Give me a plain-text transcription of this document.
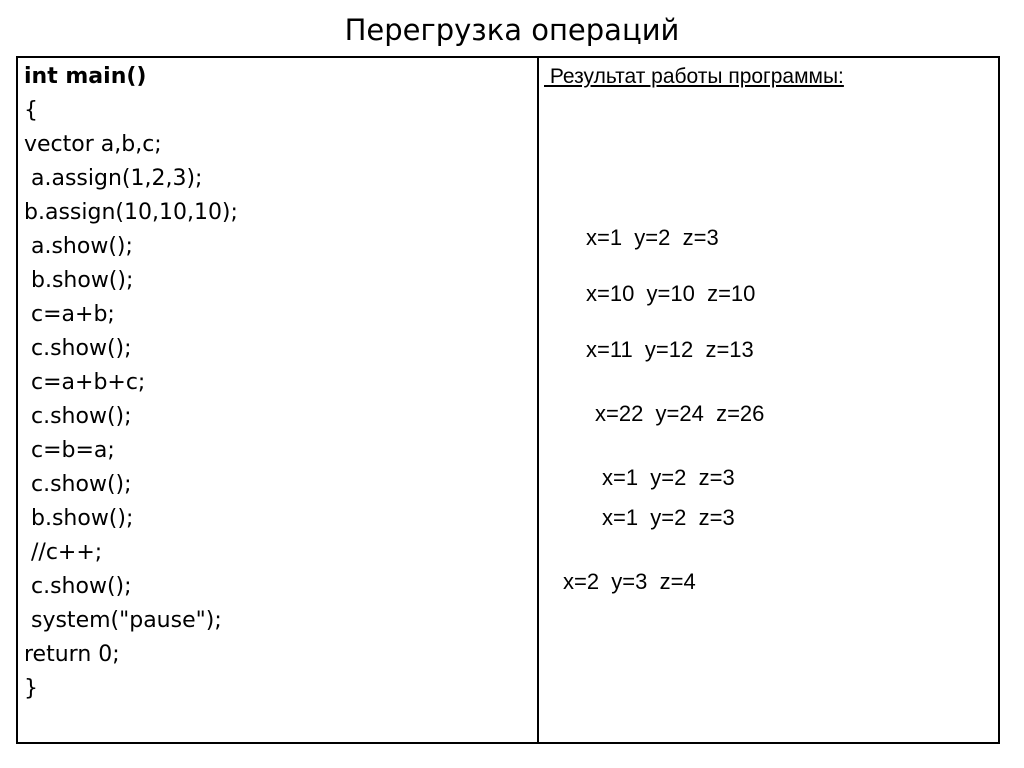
Перегрузка операций
int main()
{
vector a,b,c;
a.assign(1,2,3);
b.assign(10,10,10);
a.show();
b.show();
c=a+b;
c.show();
c=a+b+c;
c.show();
c=b=a;
c.show();
b.show();
//c++;
c.show();
system("pause");
return 0;
}
Результат работы программы:
x=1  y=2  z=3
x=10  y=10  z=10
x=11  y=12  z=13
x=22  y=24  z=26
x=1  y=2  z=3
x=1  y=2  z=3
x=2  y=3  z=4
